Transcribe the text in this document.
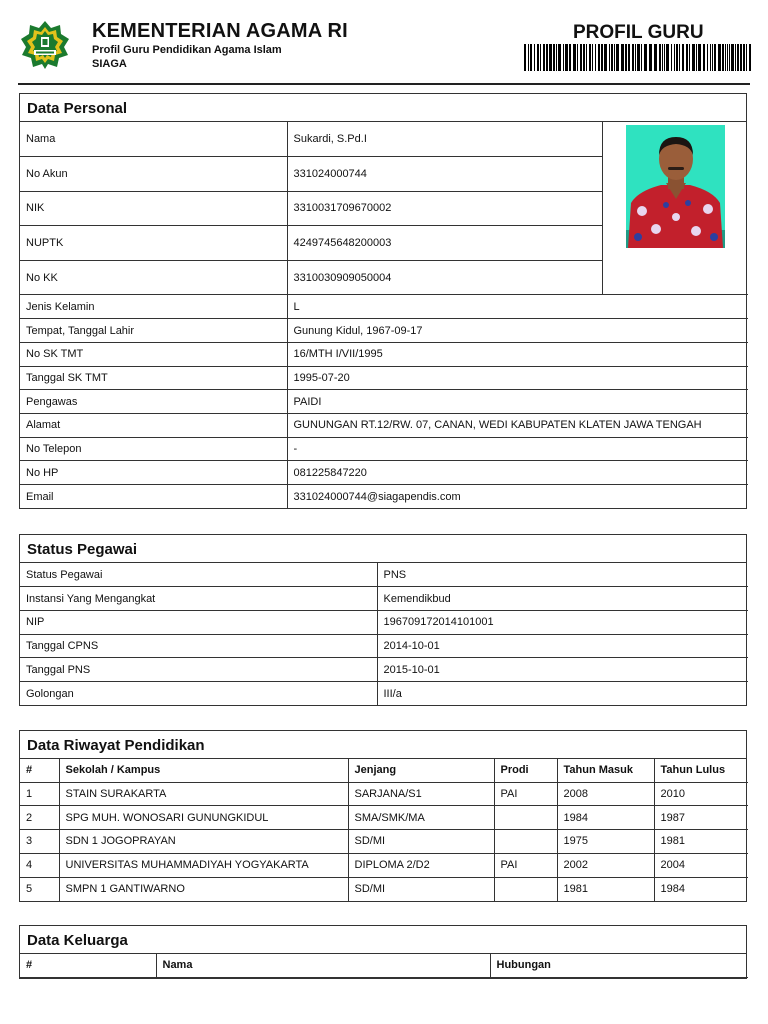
KEMENTERIAN AGAMA RI
Profil Guru Pendidikan Agama Islam
SIAGA
PROFIL GURU
Data Personal
Nama	Sukardi, S.Pd.I	

No Akun	331024000744	
NIK	3310031709670002	
NUPTK	4249745648200003	
No KK	3310030909050004	
Jenis Kelamin	L	
Tempat, Tanggal Lahir	Gunung Kidul, 1967-09-17	
No SK TMT	16/MTH I/VII/1995	
Tanggal SK TMT	1995-07-20	
Pengawas	PAIDI	
Alamat	GUNUNGAN RT.12/RW. 07, CANAN, WEDI KABUPATEN KLATEN JAWA TENGAH	
No Telepon	-	
No HP	081225847220	
Email	331024000744@siagapendis.com	
Status Pegawai
Status Pegawai	PNS
Instansi Yang Mengangkat	Kemendikbud
NIP	196709172014101001
Tanggal CPNS	2014-10-01
Tanggal PNS	2015-10-01
Golongan	III/a
Data Riwayat Pendidikan
#	Sekolah / Kampus	Jenjang	Prodi	Tahun Masuk	Tahun Lulus
1	STAIN SURAKARTA	SARJANA/S1	PAI	2008	2010
2	SPG MUH. WONOSARI GUNUNGKIDUL	SMA/SMK/MA		1984	1987
3	SDN 1 JOGOPRAYAN	SD/MI		1975	1981
4	UNIVERSITAS MUHAMMADIYAH YOGYAKARTA	DIPLOMA 2/D2	PAI	2002	2004
5	SMPN 1 GANTIWARNO	SD/MI		1981	1984
Data Keluarga
#	Nama	Hubungan
